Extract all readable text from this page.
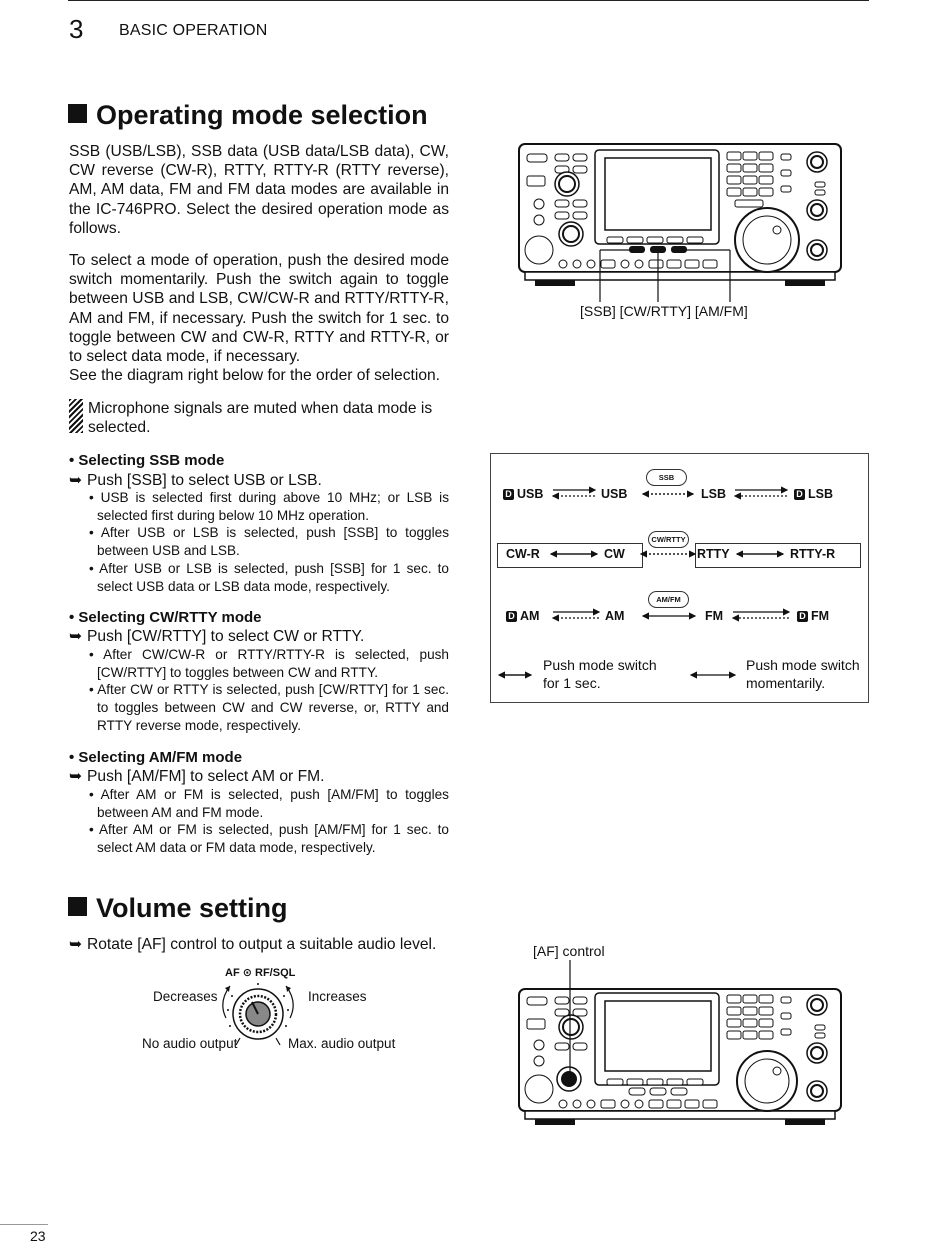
3 BASIC OPERATION
Operating mode selection

SSB (USB/LSB), SSB data (USB data/LSB data), CW, CW reverse (CW-R), RTTY, RTTY-R (RTTY reverse), AM, AM data, FM and FM data modes are available in the IC-746PRO. Select the desired operation mode as follows.

To select a mode of operation, push the desired mode switch momentarily. Push the switch again to toggle between USB and LSB, CW/CW-R and RTTY/RTTY-R, AM and FM, if necessary. Push the switch for 1 sec. to toggle between CW and CW-R, RTTY and RTTY-R, or to select data mode, if necessary.

See the diagram right below for the order of selection.

Microphone signals are muted when data mode is selected.
• Selecting SSB mode
➥ Push [SSB] to select USB or LSB.
• USB is selected first during above 10 MHz; or LSB is selected first during below 10 MHz operation.
• After USB or LSB is selected, push [SSB] to toggles between USB and LSB.
• After USB or LSB is selected, push [SSB] for 1 sec. to select USB data or LSB data mode, respectively.
• Selecting CW/RTTY mode
➥ Push [CW/RTTY] to select CW or RTTY.
• After CW/CW-R or RTTY/RTTY-R is selected, push [CW/RTTY] to toggles between CW and RTTY.
• After CW or RTTY is selected, push [CW/RTTY] for 1 sec. to toggles between CW and CW reverse, or, RTTY and RTTY reverse mode, respectively.
• Selecting AM/FM mode
➥ Push [AM/FM] to select AM or FM.
• After AM or FM is selected, push [AM/FM] to toggles between AM and FM mode.
• After AM or FM is selected, push [AM/FM] for 1 sec. to select AM data or FM data mode, respectively.
[SSB] [CW/RTTY] [AM/FM]
SSB
D USB	USB	LSB	D LSB
CW/RTTY
CW-R	CW	RTTY	RTTY-R
AM/FM
D AM	AM	FM	D FM
Push mode switch
for 1 sec.
Push mode switch
momentarily.
Volume setting
➥ Rotate [AF] control to output a suitable audio level.
AF ⊙ RF/SQL
Decreases	Increases
No audio output	Max. audio output
[AF] control
23
